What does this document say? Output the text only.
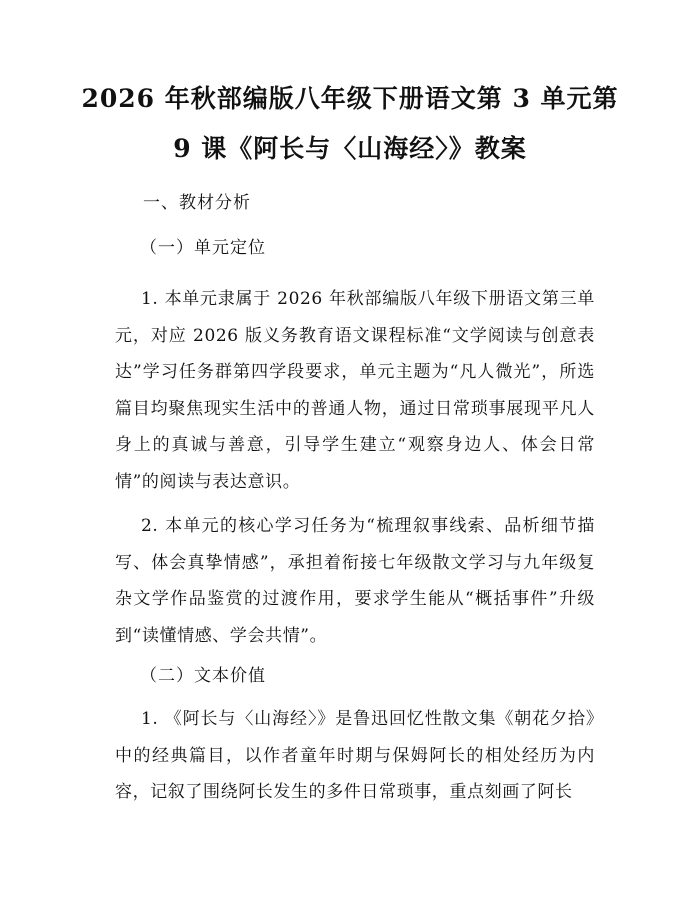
2026 年秋部编版八年级下册语文第 3 单元第
9 课《阿长与〈山海经〉》教案
一、教材分析
（一）单元定位
1. 本单元隶属于 2026 年秋部编版八年级下册语文第三单元，对应 2026 版义务教育语文课程标准“文学阅读与创意表达”学习任务群第四学段要求，单元主题为“凡人微光”，所选篇目均聚焦现实生活中的普通人物，通过日常琐事展现平凡人身上的真诚与善意，引导学生建立“观察身边人、体会日常情”的阅读与表达意识。
2. 本单元的核心学习任务为“梳理叙事线索、品析细节描写、体会真挚情感”，承担着衔接七年级散文学习与九年级复杂文学作品鉴赏的过渡作用，要求学生能从“概括事件”升级到“读懂情感、学会共情”。
（二）文本价值
1. 《阿长与〈山海经〉》是鲁迅回忆性散文集《朝花夕拾》中的经典篇目，以作者童年时期与保姆阿长的相处经历为内容，记叙了围绕阿长发生的多件日常琐事，重点刻画了阿长
